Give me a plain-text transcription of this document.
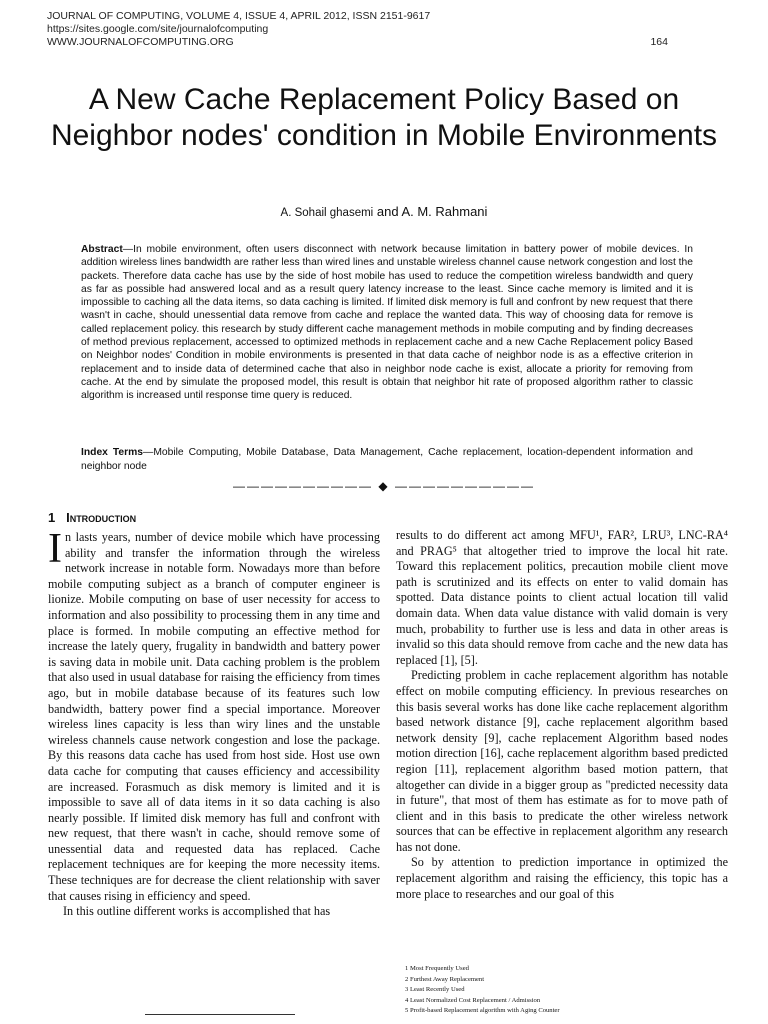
JOURNAL OF COMPUTING, VOLUME 4, ISSUE 4, APRIL 2012, ISSN 2151-9617
https://sites.google.com/site/journalofcomputing
WWW.JOURNALOFCOMPUTING.ORG	164
A New Cache Replacement Policy Based on Neighbor nodes' condition in Mobile Environments
A. Sohail ghasemi and A. M. Rahmani

Abstract—In mobile environment, often users disconnect with network because limitation in battery power of mobile devices. In addition wireless lines bandwidth are rather less than wired lines and unstable wireless channel cause network congestion and lost the packets. Therefore data cache has use by the side of host mobile has used to reduce the competition wireless bandwidth and query as far as possible had answered local and as a result query latency increase to the least. Since cache memory is limited and it is impossible to caching all the data items, so data caching is limited. If limited disk memory is full and confront by new request that there wasn't in cache, should unessential data remove from cache and replace the wanted data. This way of choosing data for remove is called replacement policy. this research by study different cache management methods in mobile computing and by finding decreases of method previous replacement, accessed to optimized methods in replacement cache and a new Cache Replacement policy Based on Neighbor nodes' Condition in mobile environments is presented in that data cache of neighbor node is as a effective criterion in replacement and to inside data of determined cache that also in neighbor node cache is exist, allocate a priority for removing from cache. At the end by simulate the proposed model, this result is obtain that neighbor hit rate of proposed algorithm rather to classic algorithm is increased until response time query is reduced.

Index Terms—Mobile Computing, Mobile Database, Data Management, Cache replacement, location-dependent information and neighbor node

—————————— ◆ ——————————
1 Introduction

In lasts years, number of device mobile which have processing ability and transfer the information through the wireless network increase in notable form. Nowadays more than before mobile computing subject as a branch of computer engineer is lionize. Mobile computing on base of user necessity for access to information and also possibility to processing them in any time and place is formed. In mobile computing an effective method for increase the lately query, frugality in bandwidth and battery power is saving data in mobile unit. Data caching problem is the problem that also used in usual database for raising the efficiency from times ago, but in mobile database because of its features such low bandwidth, battery power find a special importance. Moreover wireless lines capacity is less than wiry lines and the unstable wireless channels cause network congestion and lose the package. By this reasons data cache has used from host side. Host use own data cache for computing that causes efficiency and accessibility are increased. Forasmuch as disk memory is limited and it is impossible to save all of data items in it so data caching is also nearly possible. If limited disk memory has full and confront with new request, that there wasn't in cache, should remove some of unessential data and requested data has replaced. Cache replacement techniques are for keeping the more necessity items. These techniques are for decrease the client relationship with saver that causes rising in efficiency and speed.

In this outline different works is accomplished that has

results to do different act among MFU¹, FAR², LRU³, LNC-RA⁴ and PRAG⁵ that altogether tried to improve the local hit rate. Toward this replacement politics, precaution mobile client move path is scrutinized and its effects on enter to valid domain has spotted. Data distance points to client actual location till valid domain data. When data value distance with valid domain is very much, probability to further use is less and data in other areas is invalid so this data should remove from cache and the new data has replaced [1], [5].

Predicting problem in cache replacement algorithm has notable effect on mobile computing efficiency. In previous researches on this basis several works has done like cache replacement algorithm based network distance [9], cache replacement algorithm based network density [9], cache replacement Algorithm based nodes motion direction [16], cache replacement algorithm based predicted region [11], replacement algorithm based motion pattern, that altogether can divide in a bigger group as "predicted necessity data in future", that most of them has estimate as for to move path of client and in this basis to predicate the other wireless network sources that can be effective in replacement algorithm any research has not done.

So by attention to prediction importance in optimized the replacement algorithm and raising the efficiency, this topic has a more place to researches and our goal of this

1 Most Frequently Used
2 Furthest Away Replacement
3 Least Recently Used
4 Least Normalized Cost Replacement / Admission
5 Profit-based Replacement algorithm with Aging Counter
